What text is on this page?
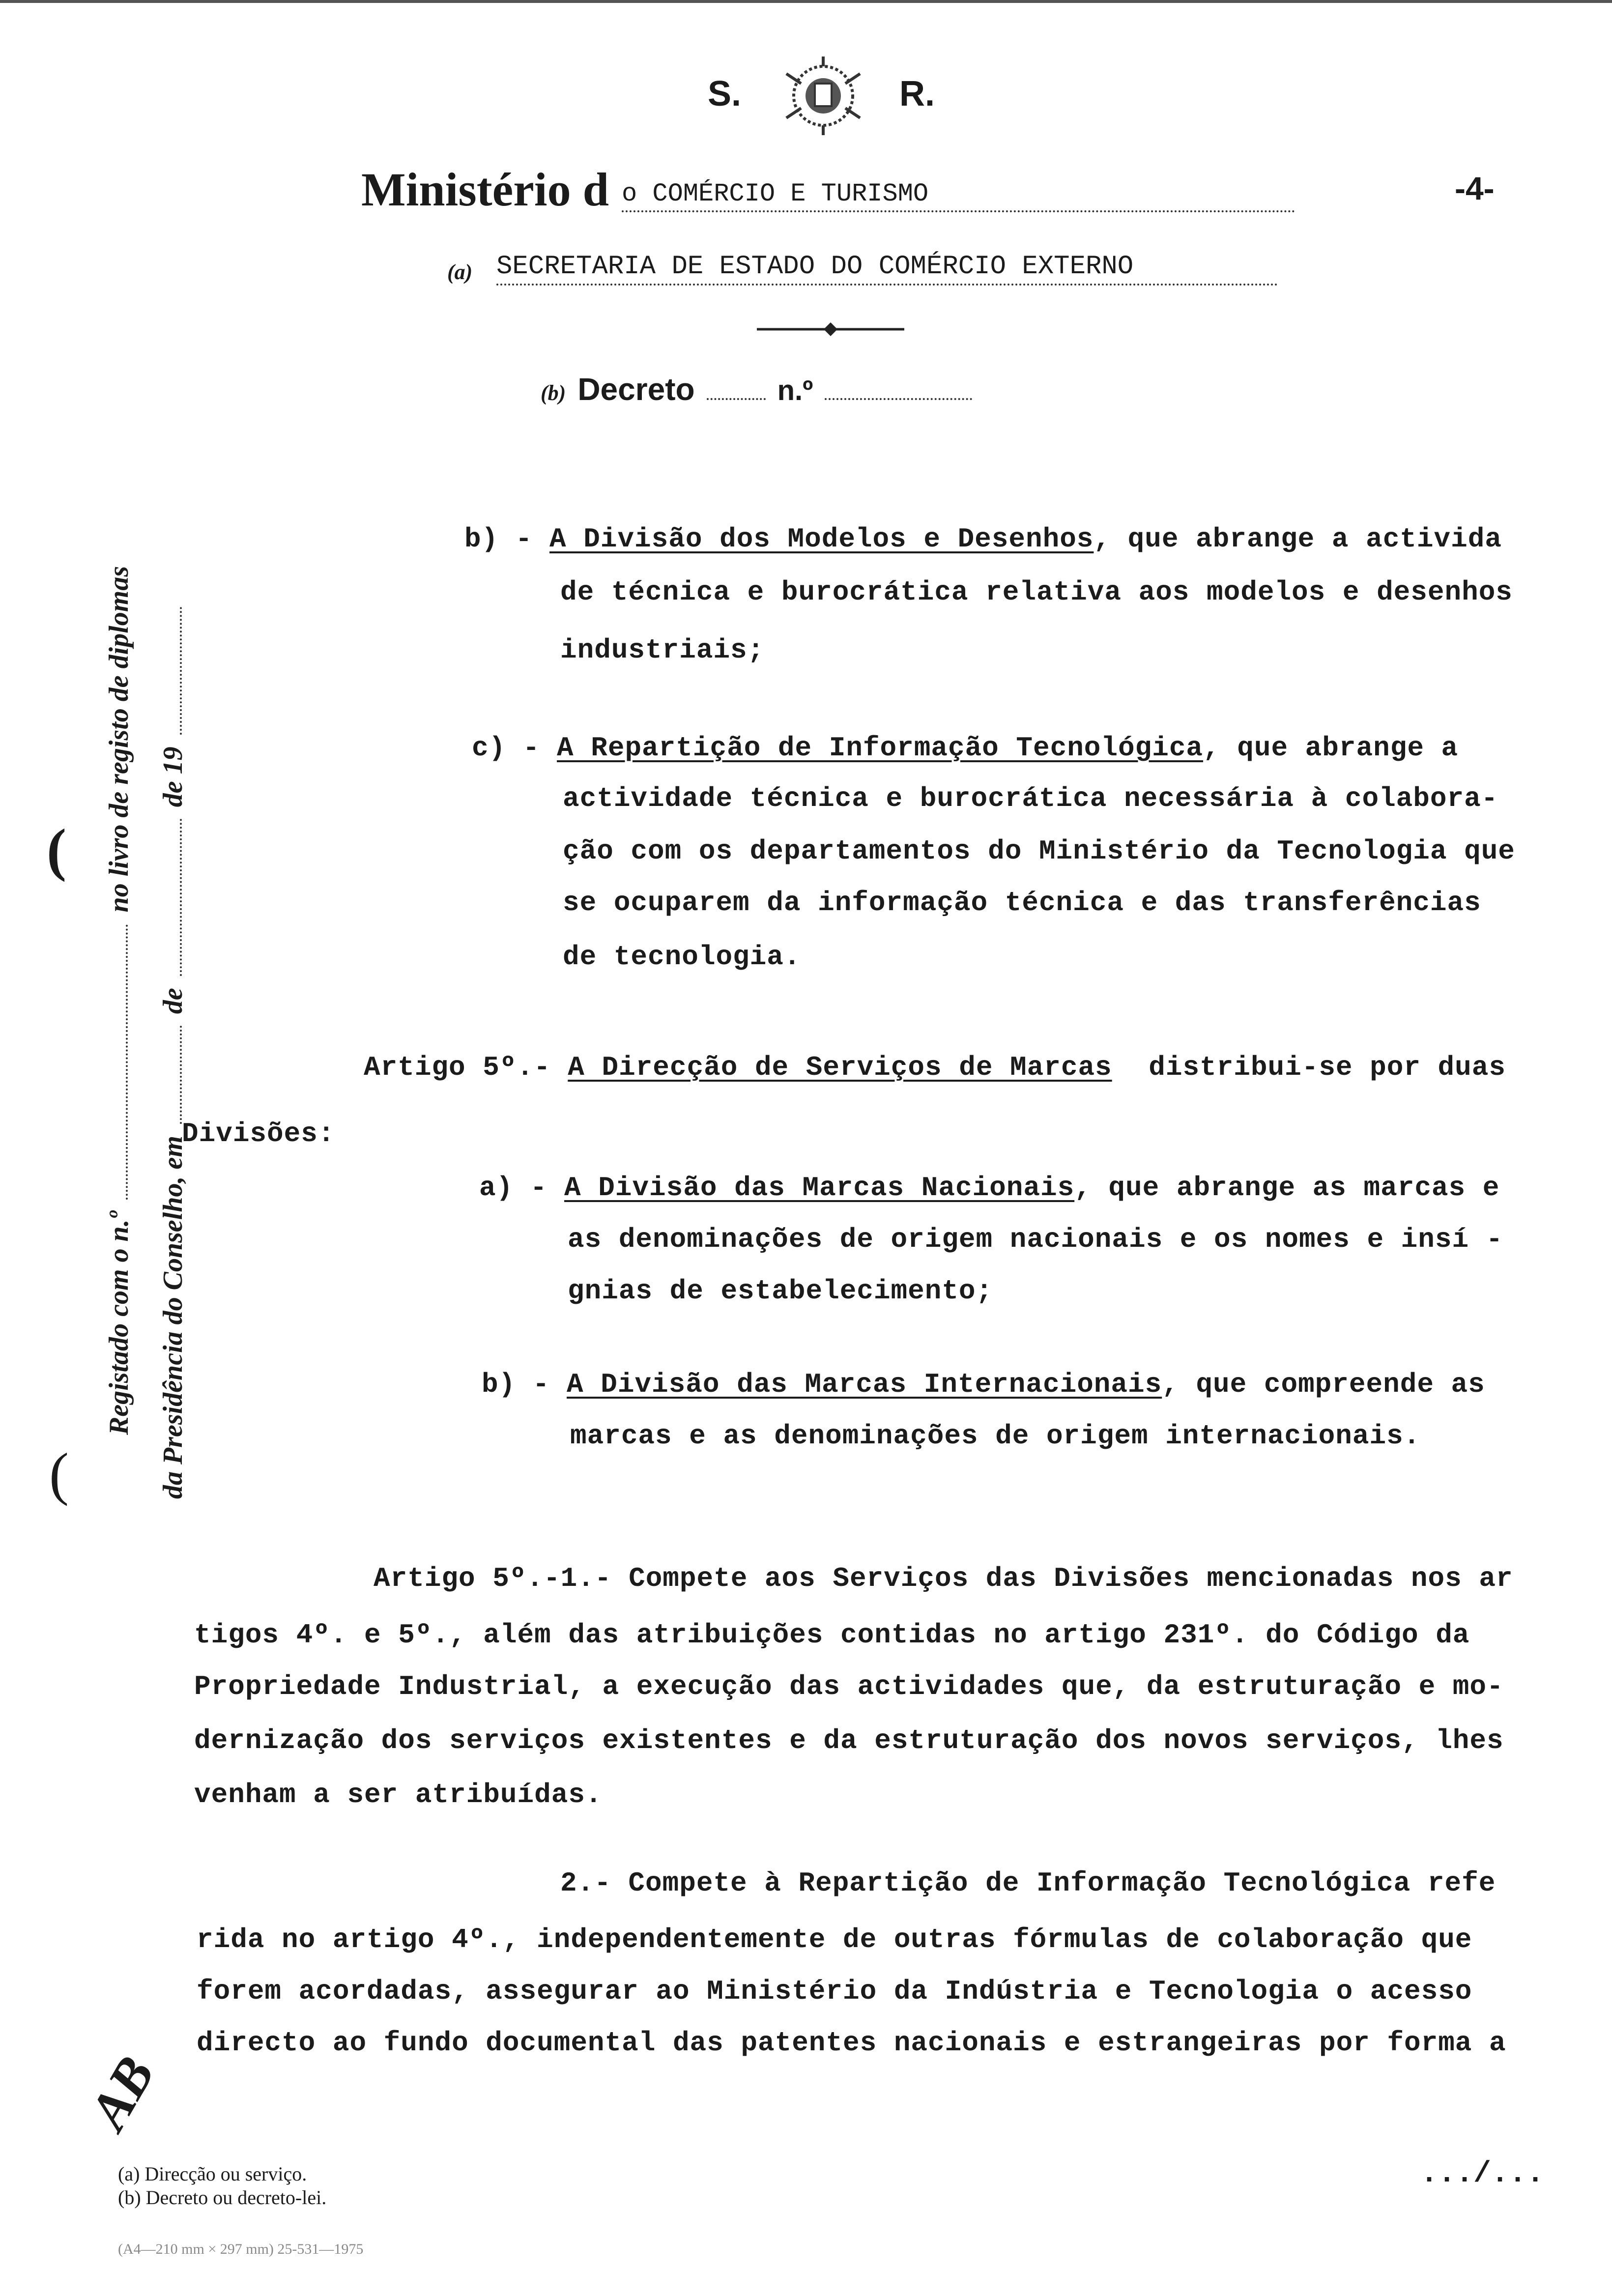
S.	R.
Ministério d o COMÉRCIO E TURISMO	-4-
(a) SECRETARIA DE ESTADO DO COMÉRCIO EXTERNO
(b) Decreto	n.º
Registado com o n.º  no livro de registo de diplomas
da Presidência do Conselho, em  de  de 19
b) - A Divisão dos Modelos e Desenhos, que abrange a activida
de técnica e burocrática relativa aos modelos e desenhos
industriais;
c) - A Repartição de Informação Tecnológica, que abrange a
actividade técnica e burocrática necessária à colabora-
ção com os departamentos do Ministério da Tecnologia que
se ocuparem da informação técnica e das transferências
de tecnologia.
Artigo 5º.- A Direcção de Serviços de Marcas distribui-se por duas
Divisões:
a) - A Divisão das Marcas Nacionais, que abrange as marcas e
as denominações de origem nacionais e os nomes e insí -
gnias de estabelecimento;
b) - A Divisão das Marcas Internacionais, que compreende as
marcas e as denominações de origem internacionais.
Artigo 5º.-1.- Compete aos Serviços das Divisões mencionadas nos ar
tigos 4º. e 5º., além das atribuições contidas no artigo 231º. do Código da
Propriedade Industrial, a execução das actividades que, da estruturação e mo-
dernização dos serviços existentes e da estruturação dos novos serviços, lhes
venham a ser atribuídas.
2.- Compete à Repartição de Informação Tecnológica refe
rida no artigo 4º., independentemente de outras fórmulas de colaboração que
forem acordadas, assegurar ao Ministério da Indústria e Tecnologia o acesso
directo ao fundo documental das patentes nacionais e estrangeiras por forma a
AB
(
(
(a) Direcção ou serviço.
(b) Decreto ou decreto-lei.
.../...
(A4—210 mm × 297 mm) 25-531—1975
